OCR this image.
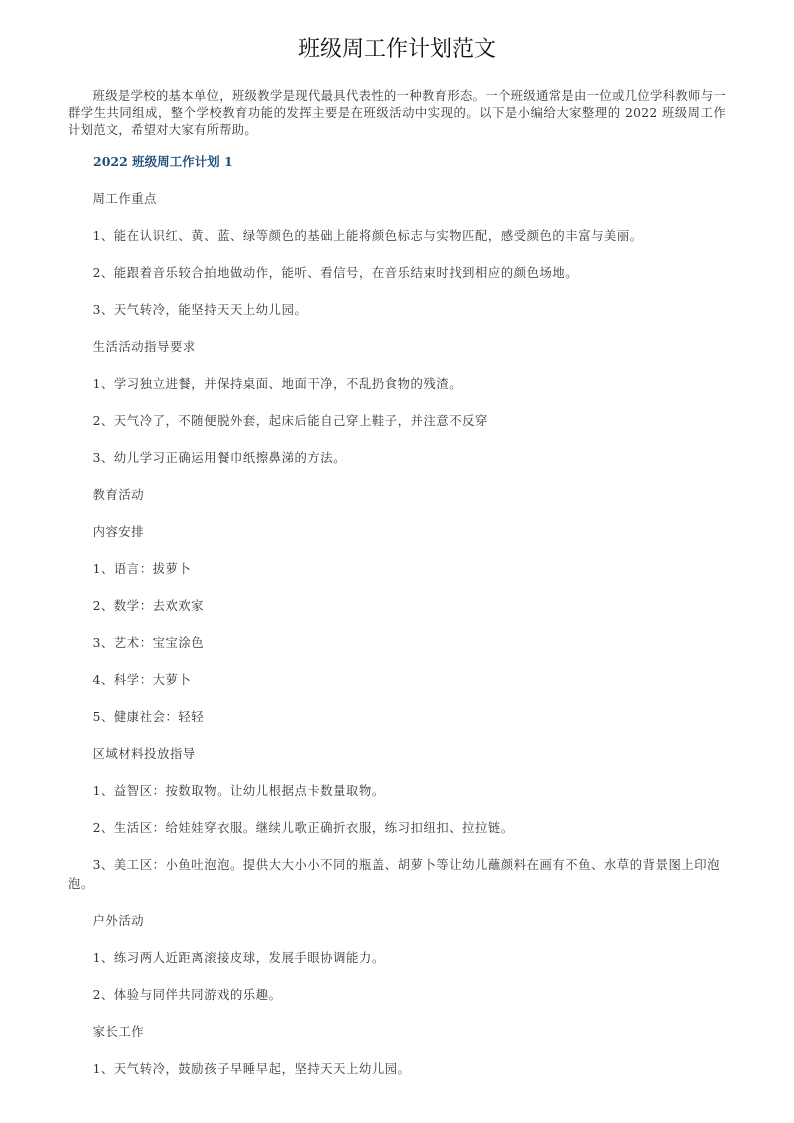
班级周工作计划范文
班级是学校的基本单位，班级教学是现代最具代表性的一种教育形态。一个班级通常是由一位或几位学科教师与一群学生共同组成，整个学校教育功能的发挥主要是在班级活动中实现的。以下是小编给大家整理的 2022 班级周工作计划范文，希望对大家有所帮助。
2022 班级周工作计划 1
周工作重点
1、能在认识红、黄、蓝、绿等颜色的基础上能将颜色标志与实物匹配，感受颜色的丰富与美丽。
2、能跟着音乐较合拍地做动作，能听、看信号，在音乐结束时找到相应的颜色场地。
3、天气转冷，能坚持天天上幼儿园。
生活活动指导要求
1、学习独立进餐，并保持桌面、地面干净，不乱扔食物的残渣。
2、天气冷了，不随便脱外套，起床后能自己穿上鞋子，并注意不反穿
3、幼儿学习正确运用餐巾纸擦鼻涕的方法。
教育活动
内容安排
1、语言：拔萝卜
2、数学：去欢欢家
3、艺术：宝宝涂色
4、科学：大萝卜
5、健康社会：轻轻
区域材料投放指导
1、益智区：按数取物。让幼儿根据点卡数量取物。
2、生活区：给娃娃穿衣服。继续儿歌正确折衣服，练习扣纽扣、拉拉链。
3、美工区：小鱼吐泡泡。提供大大小小不同的瓶盖、胡萝卜等让幼儿蘸颜料在画有不鱼、水草的背景图上印泡泡。
户外活动
1、练习两人近距离滚接皮球，发展手眼协调能力。
2、体验与同伴共同游戏的乐趣。
家长工作
1、天气转冷，鼓励孩子早睡早起，坚持天天上幼儿园。
